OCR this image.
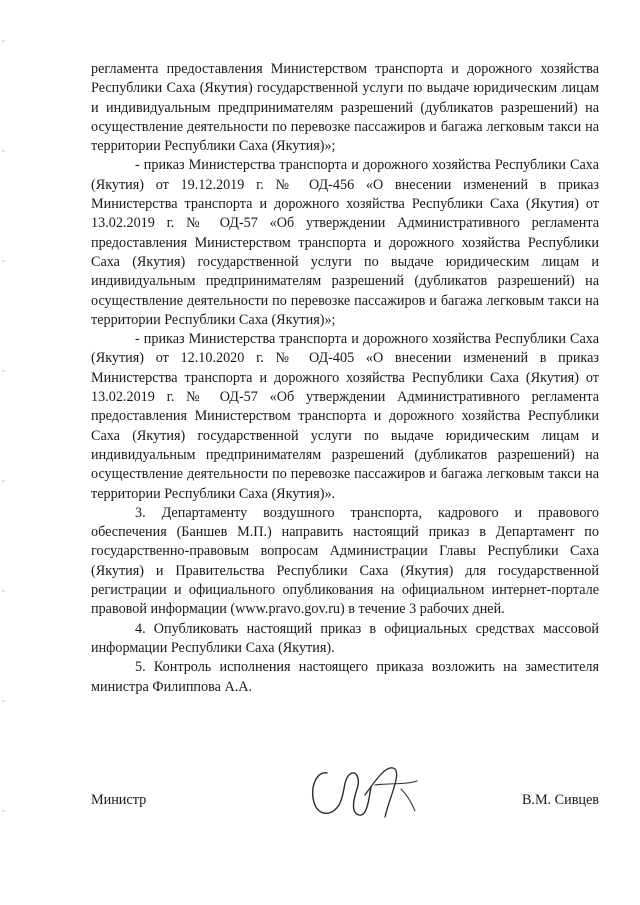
регламента предоставления Министерством транспорта и дорожного хозяйства Республики Саха (Якутия) государственной услуги по выдаче юридическим лицам и индивидуальным предпринимателям разрешений (дубликатов разрешений) на осуществление деятельности по перевозке пассажиров и багажа легковым такси на территории Республики Саха (Якутия)»;

- приказ Министерства транспорта и дорожного хозяйства Республики Саха (Якутия) от 19.12.2019 г. № ОД-456 «О внесении изменений в приказ Министерства транспорта и дорожного хозяйства Республики Саха (Якутия) от 13.02.2019 г. № ОД-57 «Об утверждении Административного регламента предоставления Министерством транспорта и дорожного хозяйства Республики Саха (Якутия) государственной услуги по выдаче юридическим лицам и индивидуальным предпринимателям разрешений (дубликатов разрешений) на осуществление деятельности по перевозке пассажиров и багажа легковым такси на территории Республики Саха (Якутия)»;

- приказ Министерства транспорта и дорожного хозяйства Республики Саха (Якутия) от 12.10.2020 г. № ОД-405 «О внесении изменений в приказ Министерства транспорта и дорожного хозяйства Республики Саха (Якутия) от 13.02.2019 г. № ОД-57 «Об утверждении Административного регламента предоставления Министерством транспорта и дорожного хозяйства Республики Саха (Якутия) государственной услуги по выдаче юридическим лицам и индивидуальным предпринимателям разрешений (дубликатов разрешений) на осуществление деятельности по перевозке пассажиров и багажа легковым такси на территории Республики Саха (Якутия)».

3. Департаменту воздушного транспорта, кадрового и правового обеспечения (Баншев М.П.) направить настоящий приказ в Департамент по государственно-правовым вопросам Администрации Главы Республики Саха (Якутия) и Правительства Республики Саха (Якутия) для государственной регистрации и официального опубликования на официальном интернет-портале правовой информации (www.pravo.gov.ru) в течение 3 рабочих дней.

4. Опубликовать настоящий приказ в официальных средствах массовой информации Республики Саха (Якутия).

5. Контроль исполнения настоящего приказа возложить на заместителя министра Филиппова А.А.

Министр	В.М. Сивцев
